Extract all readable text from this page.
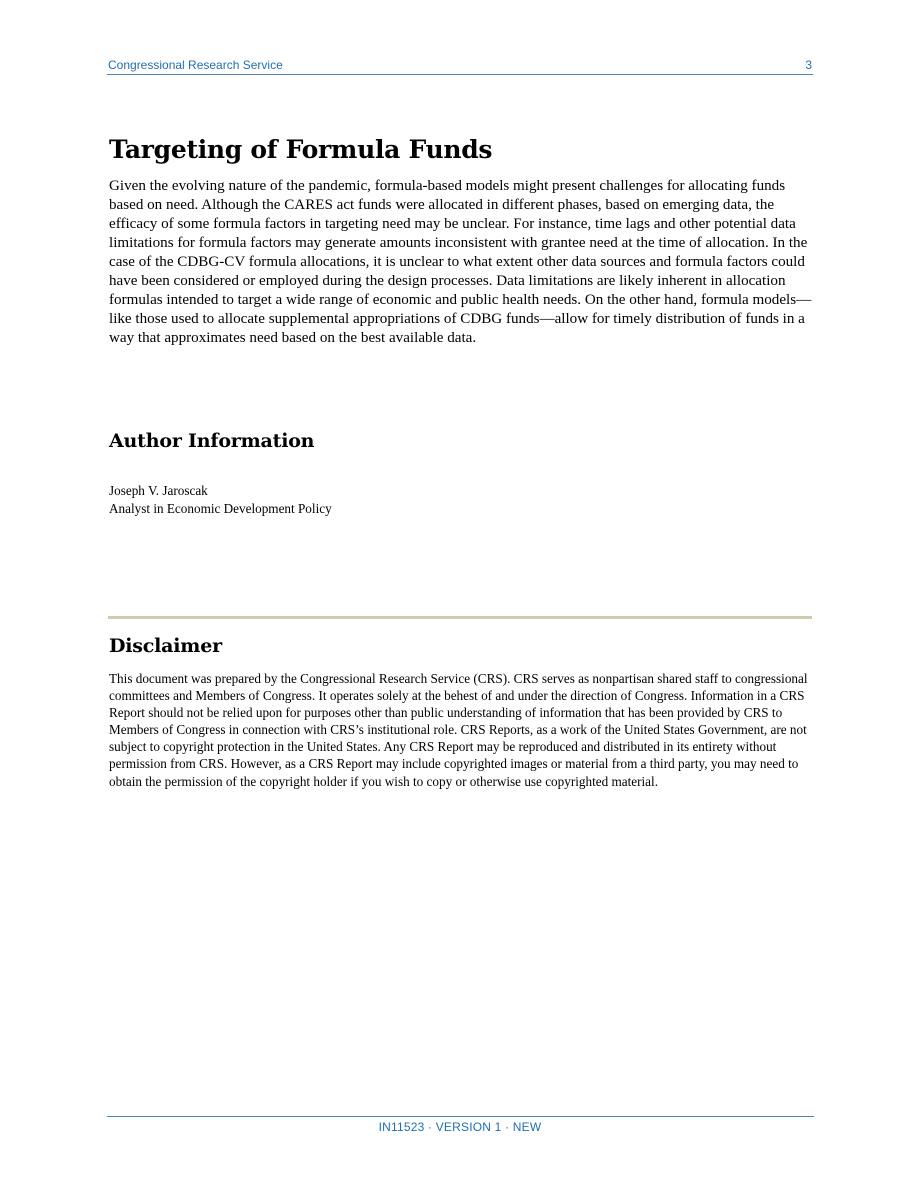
Congressional Research Service	3
Targeting of Formula Funds

Given the evolving nature of the pandemic, formula-based models might present challenges for allocating funds based on need. Although the CARES act funds were allocated in different phases, based on emerging data, the efficacy of some formula factors in targeting need may be unclear. For instance, time lags and other potential data limitations for formula factors may generate amounts inconsistent with grantee need at the time of allocation. In the case of the CDBG-CV formula allocations, it is unclear to what extent other data sources and formula factors could have been considered or employed during the design processes. Data limitations are likely inherent in allocation formulas intended to target a wide range of economic and public health needs. On the other hand, formula models—like those used to allocate supplemental appropriations of CDBG funds—allow for timely distribution of funds in a way that approximates need based on the best available data.

Author Information
Joseph V. Jaroscak
Analyst in Economic Development Policy
Disclaimer

This document was prepared by the Congressional Research Service (CRS). CRS serves as nonpartisan shared staff to congressional committees and Members of Congress. It operates solely at the behest of and under the direction of Congress. Information in a CRS Report should not be relied upon for purposes other than public understanding of information that has been provided by CRS to Members of Congress in connection with CRS’s institutional role. CRS Reports, as a work of the United States Government, are not subject to copyright protection in the United States. Any CRS Report may be reproduced and distributed in its entirety without permission from CRS. However, as a CRS Report may include copyrighted images or material from a third party, you may need to obtain the permission of the copyright holder if you wish to copy or otherwise use copyrighted material.

IN11523 · VERSION 1 · NEW
